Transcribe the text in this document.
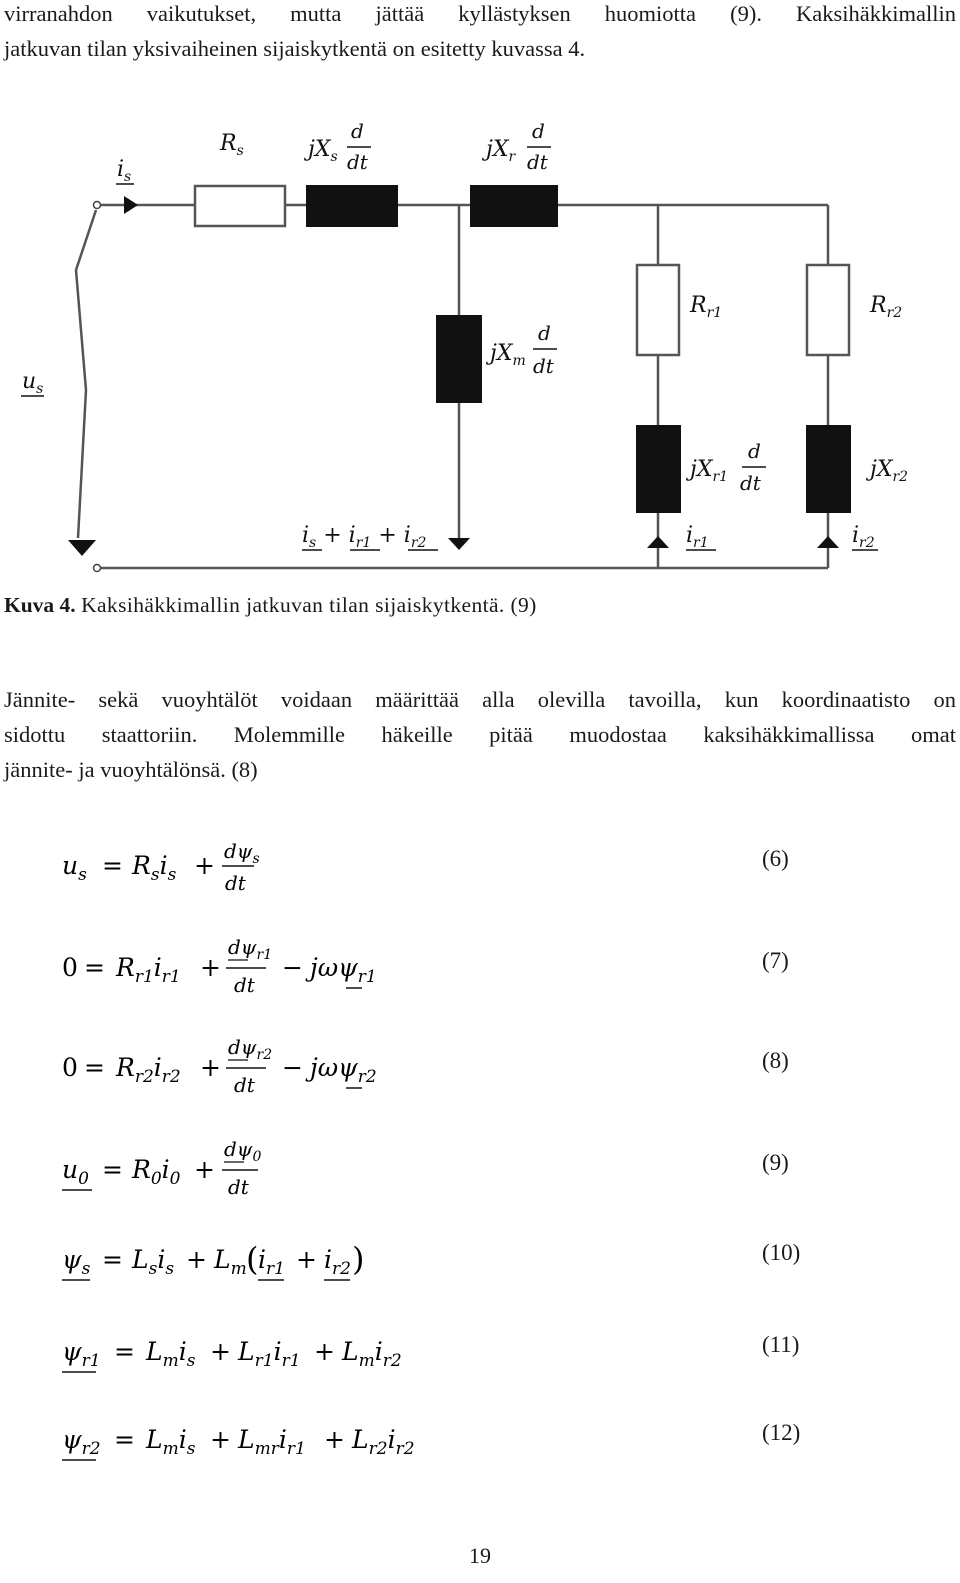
virranahdon vaikutukset, mutta jättää kyllästyksen huomiotta (9). Kaksihäkkimallin
jatkuvan tilan yksivaiheinen sijaiskytkentä on esitetty kuvassa 4.
$i_s$
$u_s$
$R_s$	$jX_s$
d
dt	$jX_r$
d
dt
$jX_m$
d
dt
$R_{r1}$	$R_{r2}$
$jX_{r1}$
d
dt
$jX_{r2}$
$i_s + i_{r1} + i_{r2}$	$i_{r1}$	$i_{r2}$
Kuva 4. Kaksihäkkimallin jatkuvan tilan sijaiskytkentä. (9)
Jännite- sekä vuoyhtälöt voidaan määrittää alla olevilla tavoilla, kun koordinaatisto on
sidottu staattoriin. Molemmille häkeille pitää muodostaa kaksihäkkimallissa omat
jännite- ja vuoyhtälönsä. (8)
$u_s = R_si_s + d\psi_s$
dt
(6)
$0 = R_{r1}i_{r1}$ +
$d\psi_{r1}$
dt
− jωψ$_{r1}$
(7)
$0 = R_{r2}i_{r2}$ +
$d\psi_{r2}$
dt
− jωψ$_{r2}$
(8)
$u_0 = R_0i_0$ +
$d\psi_0$
dt
(9)
$\psi_s = L_si_s + L_m$ ( $i_{r1} + i_{r2}$ )	(10)
$\psi_{r1} = L_mi_s + L_{r1}i_{r1} + L_mi_{r2}$
(11)
$\psi_{r2} = L_mi_s + L_{mr}i_{r1} + L_{r2}i_{r2}$
(12)
19
